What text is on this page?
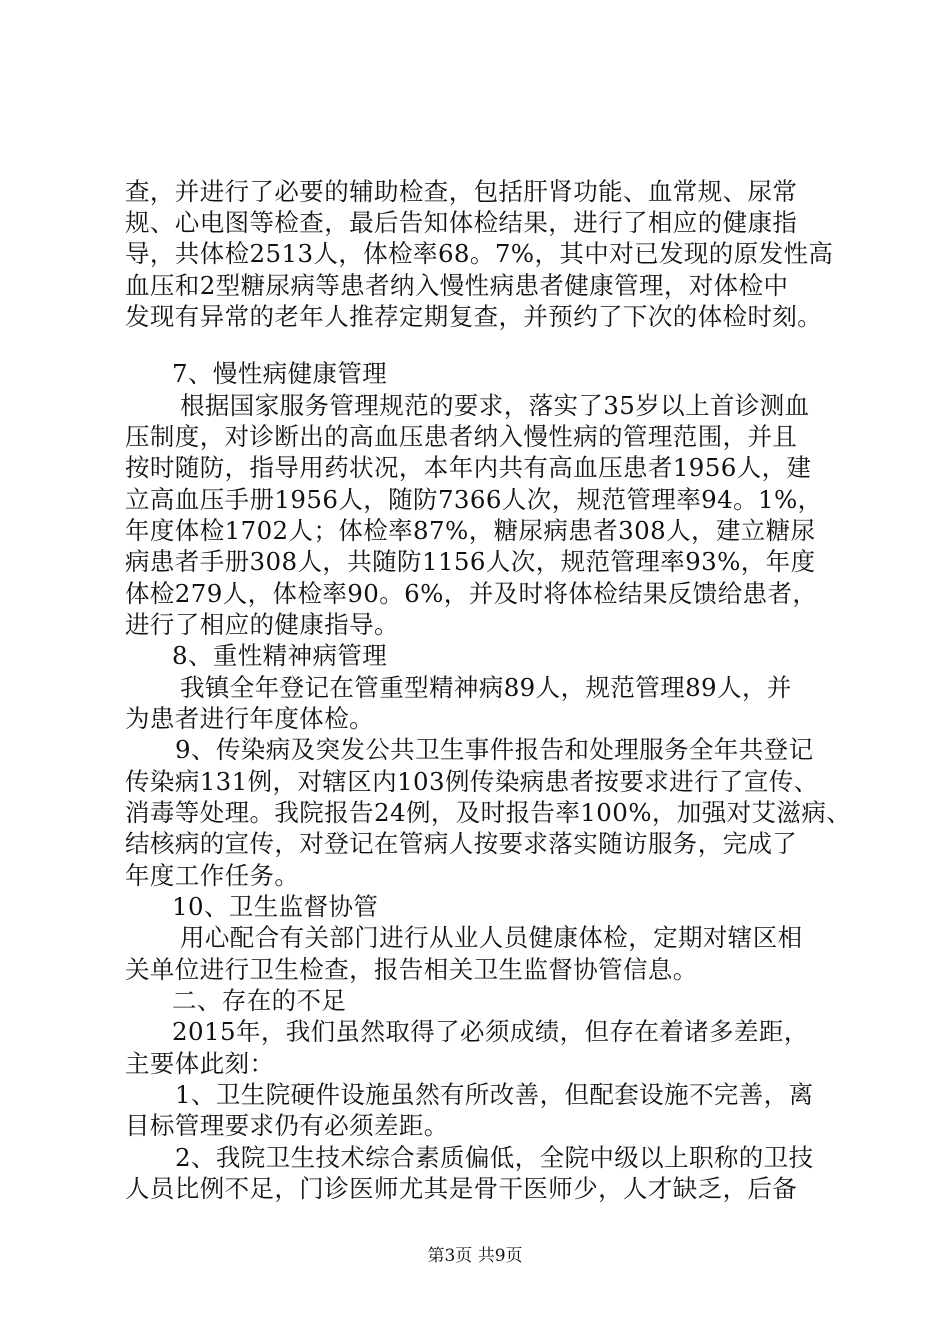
查，并进行了必要的辅助检查，包括肝肾功能、血常规、尿常
规、心电图等检查，最后告知体检结果，进行了相应的健康指
导，共体检2513人，体检率68。7%，其中对已发现的原发性高
血压和2型糖尿病等患者纳入慢性病患者健康管理，对体检中
发现有异常的老年人推荐定期复查，并预约了下次的体检时刻。
7、慢性病健康管理
根据国家服务管理规范的要求，落实了35岁以上首诊测血
压制度，对诊断出的高血压患者纳入慢性病的管理范围，并且
按时随防，指导用药状况，本年内共有高血压患者1956人，建
立高血压手册1956人，随防7366人次，规范管理率94。1%，
年度体检1702人；体检率87%，糖尿病患者308人，建立糖尿
病患者手册308人，共随防1156人次，规范管理率93%，年度
体检279人，体检率90。6%，并及时将体检结果反馈给患者，
进行了相应的健康指导。
8、重性精神病管理
我镇全年登记在管重型精神病89人，规范管理89人，并
为患者进行年度体检。
9、传染病及突发公共卫生事件报告和处理服务全年共登记
传染病131例，对辖区内103例传染病患者按要求进行了宣传、
消毒等处理。我院报告24例，及时报告率100%，加强对艾滋病、
结核病的宣传，对登记在管病人按要求落实随访服务，完成了
年度工作任务。
10、卫生监督协管
用心配合有关部门进行从业人员健康体检，定期对辖区相
关单位进行卫生检查，报告相关卫生监督协管信息。
二、存在的不足
2015年，我们虽然取得了必须成绩，但存在着诸多差距，
主要体此刻：
1、卫生院硬件设施虽然有所改善，但配套设施不完善，离
目标管理要求仍有必须差距。
2、我院卫生技术综合素质偏低，全院中级以上职称的卫技
人员比例不足，门诊医师尤其是骨干医师少，人才缺乏，后备
第3页 共9页
